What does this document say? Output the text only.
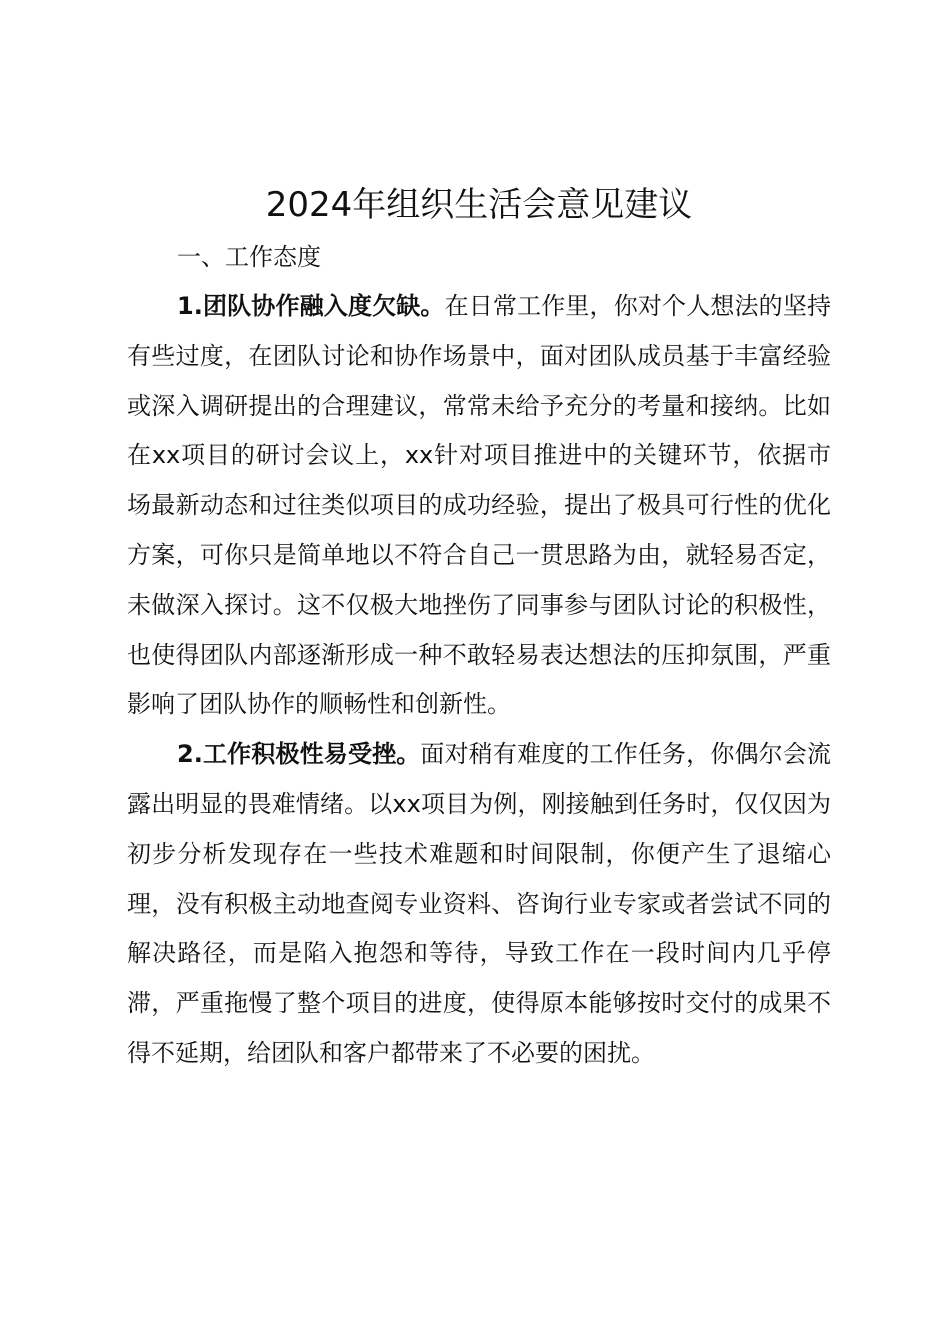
2024年组织生活会意见建议

一、工作态度

1.团队协作融入度欠缺。在日常工作里，你对个人想法的坚持有些过度，在团队讨论和协作场景中，面对团队成员基于丰富经验或深入调研提出的合理建议，常常未给予充分的考量和接纳。比如在xx项目的研讨会议上，xx针对项目推进中的关键环节，依据市场最新动态和过往类似项目的成功经验，提出了极具可行性的优化方案，可你只是简单地以不符合自己一贯思路为由，就轻易否定，未做深入探讨。这不仅极大地挫伤了同事参与团队讨论的积极性，也使得团队内部逐渐形成一种不敢轻易表达想法的压抑氛围，严重影响了团队协作的顺畅性和创新性。

2.工作积极性易受挫。面对稍有难度的工作任务，你偶尔会流露出明显的畏难情绪。以xx项目为例，刚接触到任务时，仅仅因为初步分析发现存在一些技术难题和时间限制，你便产生了退缩心理，没有积极主动地查阅专业资料、咨询行业专家或者尝试不同的解决路径，而是陷入抱怨和等待，导致工作在一段时间内几乎停滞，严重拖慢了整个项目的进度，使得原本能够按时交付的成果不得不延期，给团队和客户都带来了不必要的困扰。
